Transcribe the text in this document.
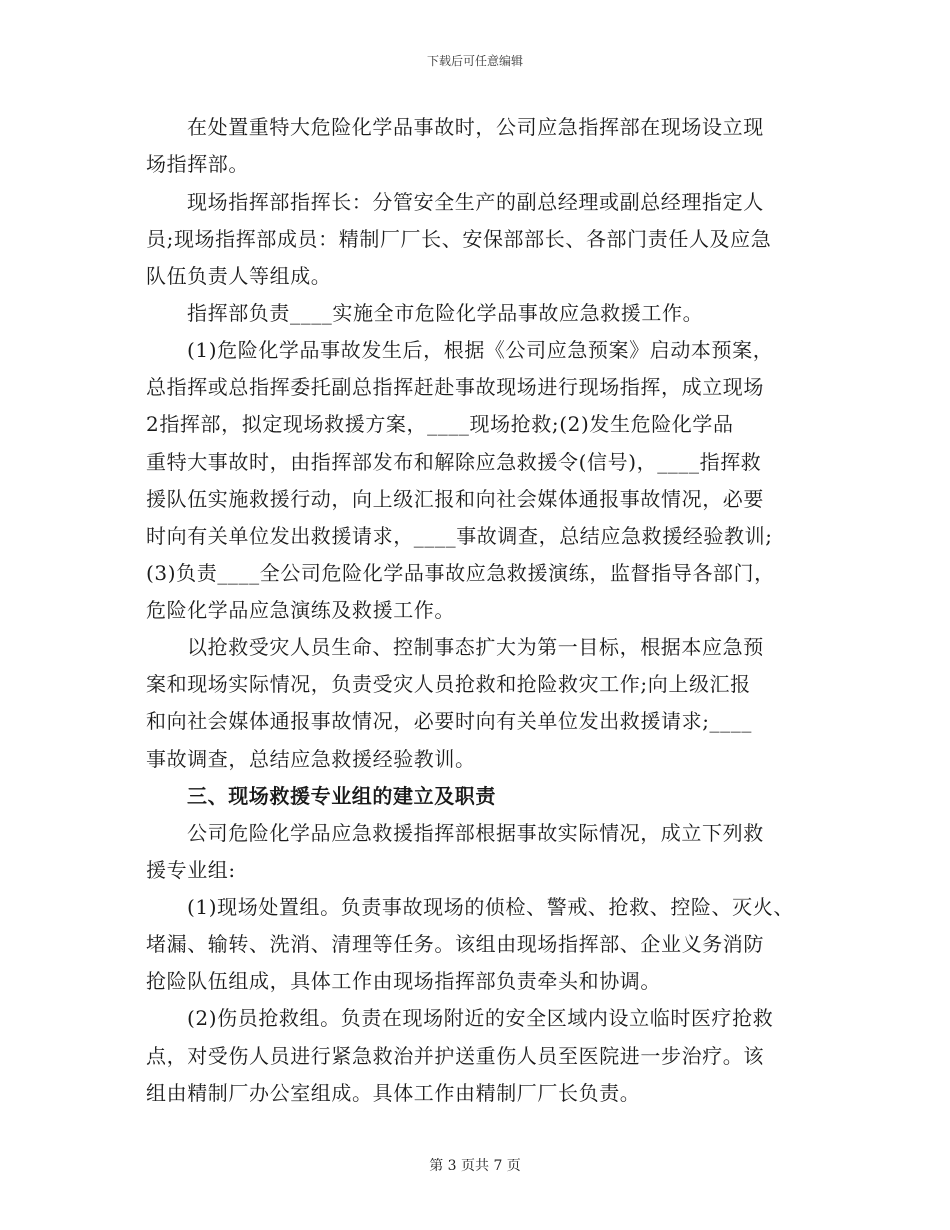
下载后可任意编辑
在处置重特大危险化学品事故时，公司应急指挥部在现场设立现
场指挥部。
现场指挥部指挥长：分管安全生产的副总经理或副总经理指定人
员;现场指挥部成员：精制厂厂长、安保部部长、各部门责任人及应急
队伍负责人等组成。
指挥部负责____实施全市危险化学品事故应急救援工作。
(1)危险化学品事故发生后，根据《公司应急预案》启动本预案，
总指挥或总指挥委托副总指挥赶赴事故现场进行现场指挥，成立现场
2指挥部，拟定现场救援方案，____现场抢救;(2)发生危险化学品
重特大事故时，由指挥部发布和解除应急救援令(信号)，____指挥救
援队伍实施救援行动，向上级汇报和向社会媒体通报事故情况，必要
时向有关单位发出救援请求，____事故调查，总结应急救援经验教训;
(3)负责____全公司危险化学品事故应急救援演练，监督指导各部门，
危险化学品应急演练及救援工作。
以抢救受灾人员生命、控制事态扩大为第一目标，根据本应急预
案和现场实际情况，负责受灾人员抢救和抢险救灾工作;向上级汇报
和向社会媒体通报事故情况，必要时向有关单位发出救援请求;____
事故调查，总结应急救援经验教训。
三、现场救援专业组的建立及职责
公司危险化学品应急救援指挥部根据事故实际情况，成立下列救
援专业组:
(1)现场处置组。负责事故现场的侦检、警戒、抢救、控险、灭火、
堵漏、输转、洗消、清理等任务。该组由现场指挥部、企业义务消防
抢险队伍组成，具体工作由现场指挥部负责牵头和协调。
(2)伤员抢救组。负责在现场附近的安全区域内设立临时医疗抢救
点，对受伤人员进行紧急救治并护送重伤人员至医院进一步治疗。该
组由精制厂办公室组成。具体工作由精制厂厂长负责。
第 3 页共 7 页
